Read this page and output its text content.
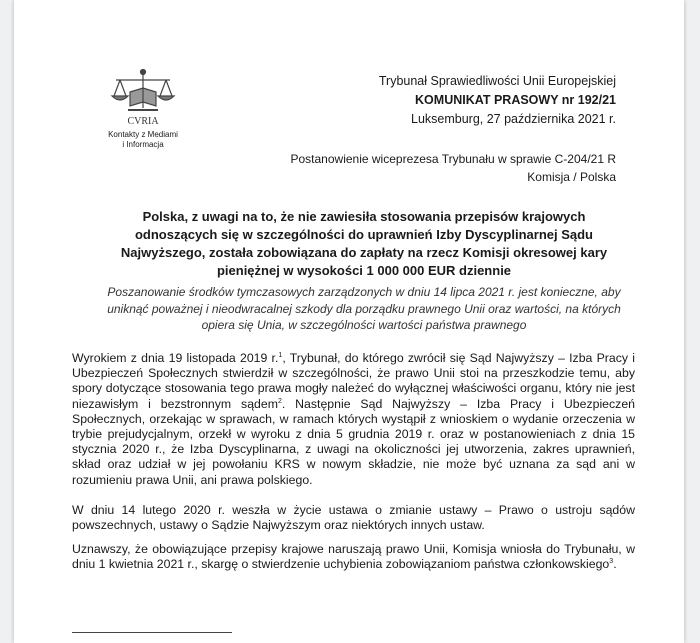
CVRIA
Kontakty z Mediami
i Informacja
Trybunał Sprawiedliwości Unii Europejskiej
KOMUNIKAT PRASOWY nr 192/21
Luksemburg, 27 października 2021 r.
Postanowienie wiceprezesa Trybunału w sprawie C-204/21 R
Komisja / Polska
Polska, z uwagi na to, że nie zawiesiła stosowania przepisów krajowych odnoszących się w szczególności do uprawnień Izby Dyscyplinarnej Sądu Najwyższego, została zobowiązana do zapłaty na rzecz Komisji okresowej kary pieniężnej w wysokości 1 000 000 EUR dziennie
Poszanowanie środków tymczasowych zarządzonych w dniu 14 lipca 2021 r. jest konieczne, aby uniknąć poważnej i nieodwracalnej szkody dla porządku prawnego Unii oraz wartości, na których opiera się Unia, w szczególności wartości państwa prawnego
Wyrokiem z dnia 19 listopada 2019 r.$^1$, Trybunał, do którego zwrócił się Sąd Najwyższy – Izba Pracy i Ubezpieczeń Społecznych stwierdził w szczególności, że prawo Unii stoi na przeszkodzie temu, aby spory dotyczące stosowania tego prawa mogły należeć do wyłącznej właściwości organu, który nie jest niezawisłym i bezstronnym sądem$^2$. Następnie Sąd Najwyższy – Izba Pracy i Ubezpieczeń Społecznych, orzekając w sprawach, w ramach których wystąpił z wnioskiem o wydanie orzeczenia w trybie prejudycjalnym, orzekł w wyroku z dnia 5 grudnia 2019 r. oraz w postanowieniach z dnia 15 stycznia 2020 r., że Izba Dyscyplinarna, z uwagi na okoliczności jej utworzenia, zakres uprawnień, skład oraz udział w jej powołaniu KRS w nowym składzie, nie może być uznana za sąd ani w rozumieniu prawa Unii, ani prawa polskiego.
W dniu 14 lutego 2020 r. weszła w życie ustawa o zmianie ustawy – Prawo o ustroju sądów powszechnych, ustawy o Sądzie Najwyższym oraz niektórych innych ustaw.
Uznawszy, że obowiązujące przepisy krajowe naruszają prawo Unii, Komisja wniosła do Trybunału, w dniu 1 kwietnia 2021 r., skargę o stwierdzenie uchybienia zobowiązaniom państwa członkowskiego$^3$.
